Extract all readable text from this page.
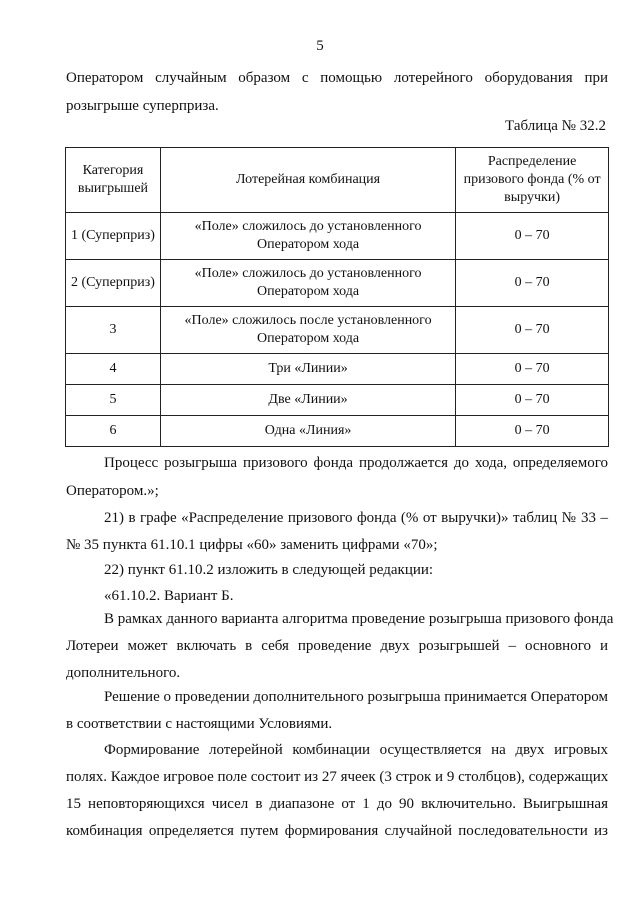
5
Оператором случайным образом с помощью лотерейного оборудования при
розыгрыше суперприза.
Таблица № 32.2
Категория выигрышей	Лотерейная комбинация	Распределение призового фонда (% от выручки)
1 (Суперприз)	«Поле» сложилось до установленного Оператором хода	0 – 70
2 (Суперприз)	«Поле» сложилось до установленного Оператором хода	0 – 70
3	«Поле» сложилось после установленного Оператором хода	0 – 70
4	Три «Линии»	0 – 70
5	Две «Линии»	0 – 70
6	Одна «Линия»	0 – 70
Процесс розыгрыша призового фонда продолжается до хода, определяемого
Оператором.»;
21) в графе «Распределение призового фонда (% от выручки)» таблиц № 33 –
№ 35 пункта 61.10.1 цифры «60» заменить цифрами «70»;
22) пункт 61.10.2 изложить в следующей редакции:
«61.10.2. Вариант Б.
В рамках данного варианта алгоритма проведение розыгрыша призового фонда
Лотереи может включать в себя проведение двух розыгрышей – основного и
дополнительного.
Решение о проведении дополнительного розыгрыша принимается Оператором
в соответствии с настоящими Условиями.
Формирование лотерейной комбинации осуществляется на двух игровых
полях. Каждое игровое поле состоит из 27 ячеек (3 строк и 9 столбцов), содержащих
15 неповторяющихся чисел в диапазоне от 1 до 90 включительно. Выигрышная
комбинация определяется путем формирования случайной последовательности из
